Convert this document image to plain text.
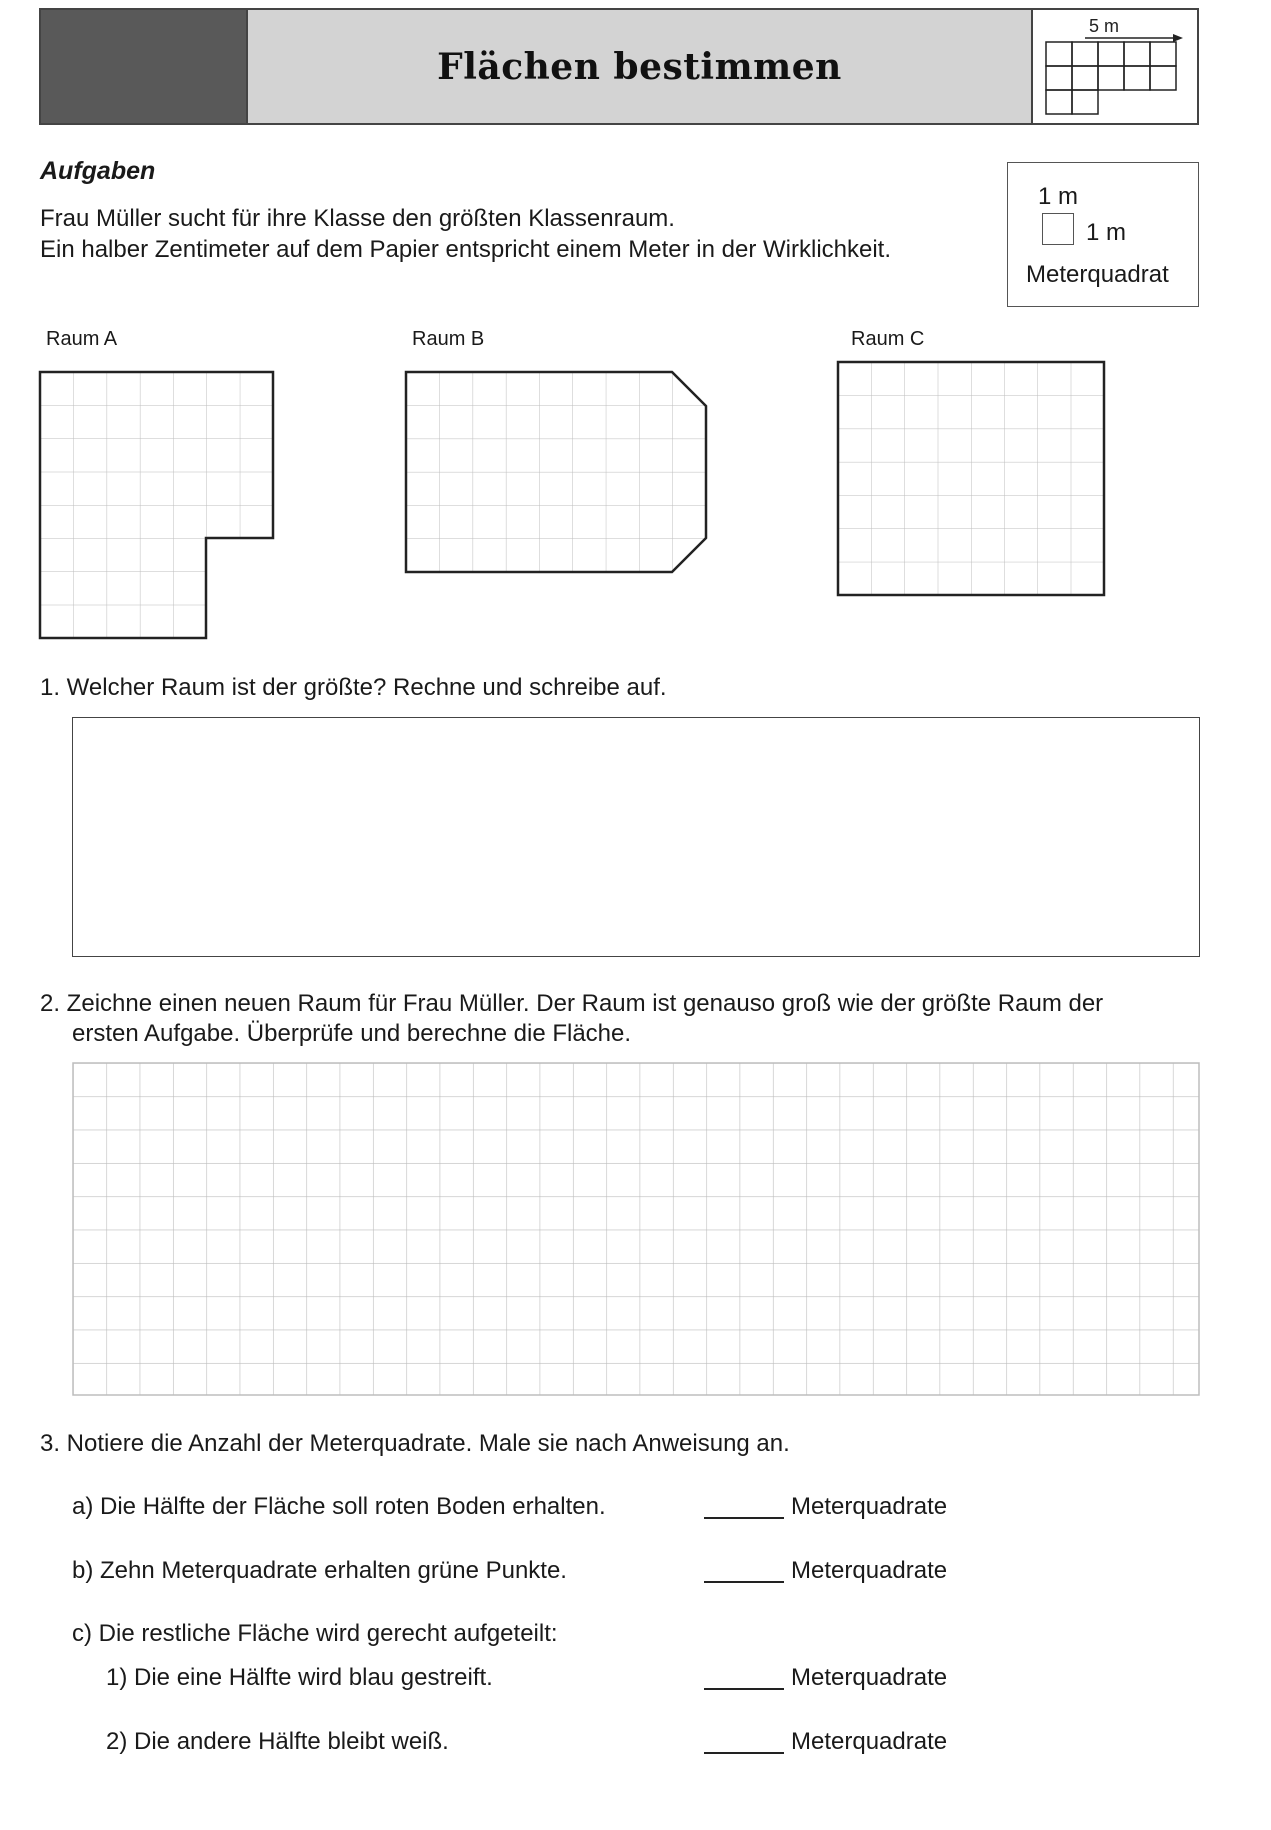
Flächen bestimmen
5 m
Aufgaben
Frau Müller sucht für ihre Klasse den größten Klassenraum.
Ein halber Zentimeter auf dem Papier entspricht einem Meter in der Wirklichkeit.
1 m
1 m
Meterquadrat
Raum A	Raum B	Raum C
1. Welcher Raum ist der größte? Rechne und schreibe auf.
2. Zeichne einen neuen Raum für Frau Müller. Der Raum ist genauso groß wie der größte Raum der
ersten Aufgabe. Überprüfe und berechne die Fläche.
3. Notiere die Anzahl der Meterquadrate. Male sie nach Anweisung an.
a) Die Hälfte der Fläche soll roten Boden erhalten.	Meterquadrate
b) Zehn Meterquadrate erhalten grüne Punkte.	Meterquadrate
c) Die restliche Fläche wird gerecht aufgeteilt:
1) Die eine Hälfte wird blau gestreift.	Meterquadrate
2) Die andere Hälfte bleibt weiß.	Meterquadrate
